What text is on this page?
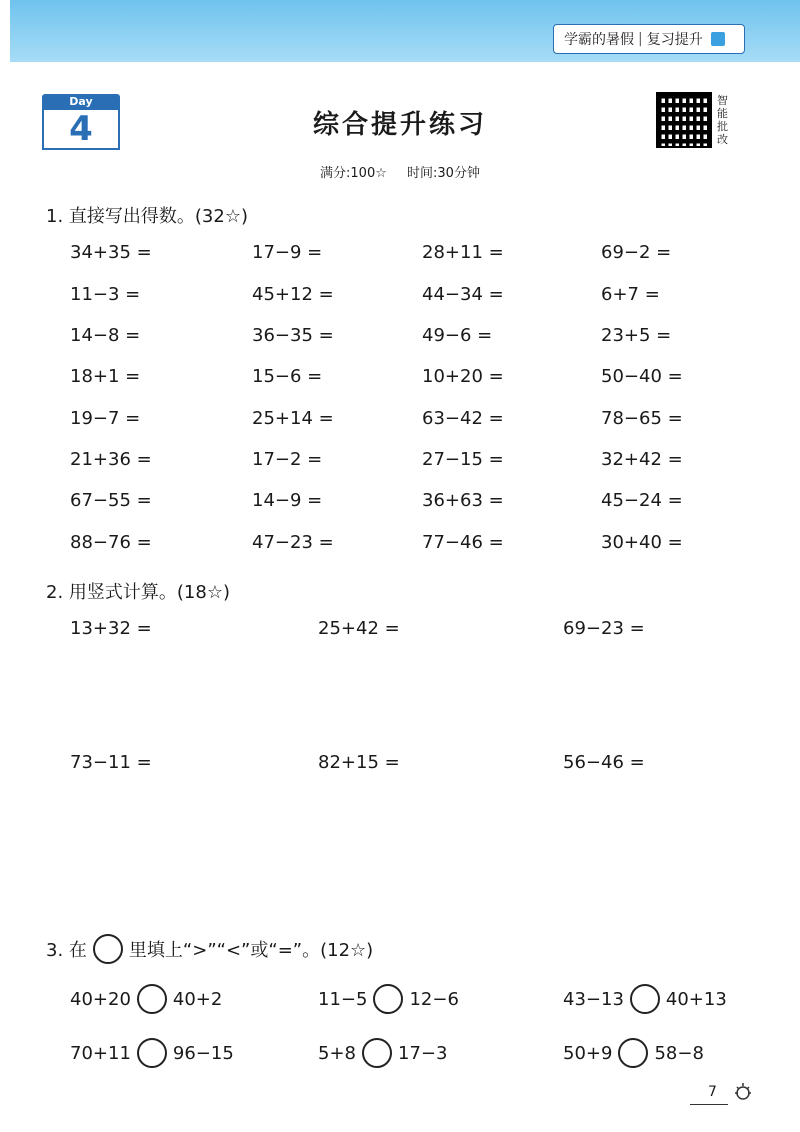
学霸的暑假 | 复习提升
Day
4	综合提升练习
智
能
批
改
满分:100☆ 时间:30分钟
1. 直接写出得数。(32☆)
34+35 =	17−9 =	28+11 =	69−2 =
11−3 =	45+12 =	44−34 =	6+7 =
14−8 =	36−35 =	49−6 =	23+5 =
18+1 =	15−6 =	10+20 =	50−40 =
19−7 =	25+14 =	63−42 =	78−65 =
21+36 =	17−2 =	27−15 =	32+42 =
67−55 =	14−9 =	36+63 =	45−24 =
88−76 =	47−23 =	77−46 =	30+40 =
2. 用竖式计算。(18☆)
13+32 =	25+42 =	69−23 =
73−11 =	82+15 =	56−46 =
3. 在 里填上“>”“<”或“=”。(12☆)
40+20 40+2	11−5 12−6	43−13 40+13
70+11 96−15	5+8 17−3	50+9 58−8
7
